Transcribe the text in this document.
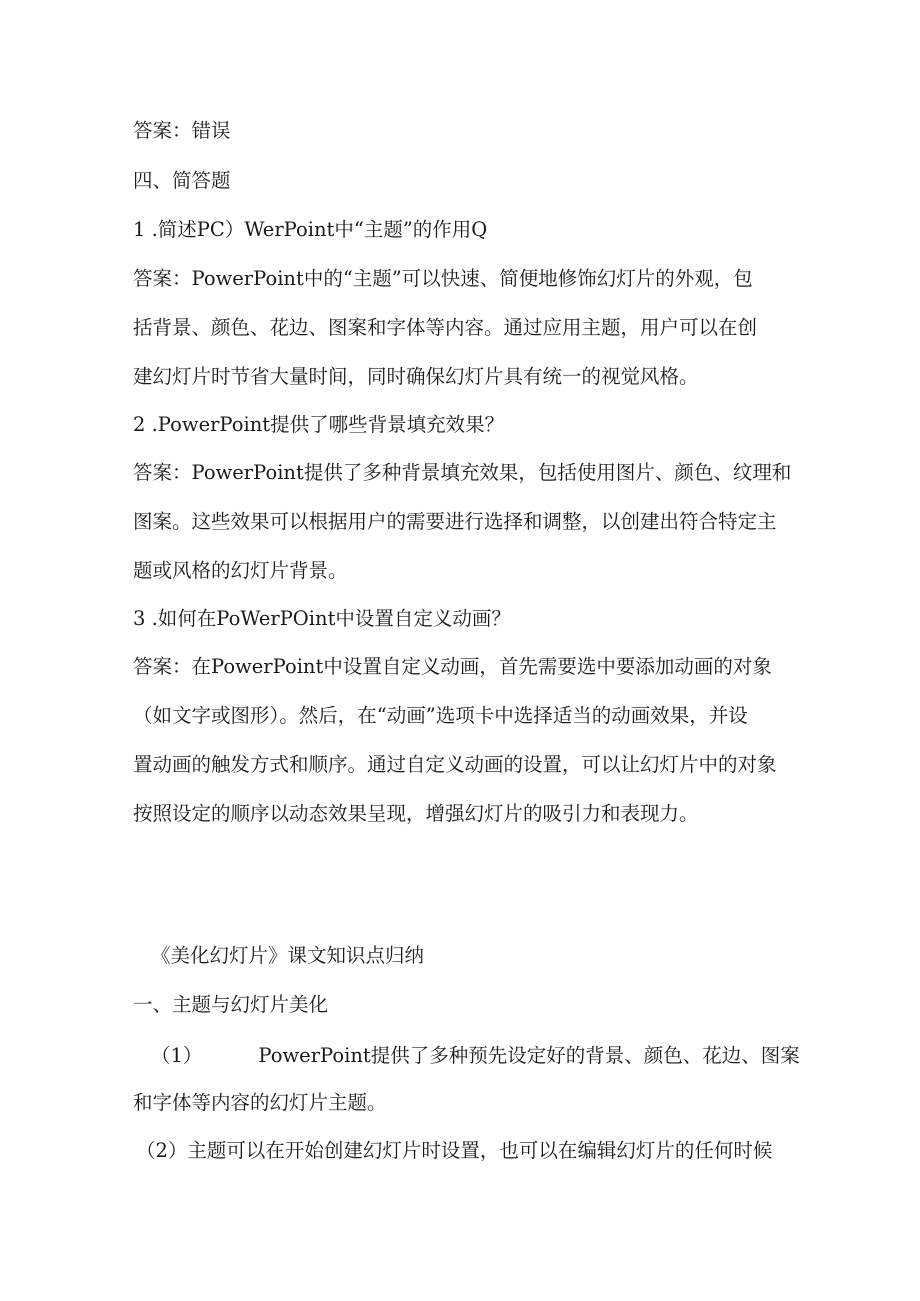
答案：错误

四、简答题

1 .简述PC）WerPoint中“主题”的作用Q

答案：PowerPoint中的“主题”可以快速、简便地修饰幻灯片的外观，包

括背景、颜色、花边、图案和字体等内容。通过应用主题，用户可以在创

建幻灯片时节省大量时间，同时确保幻灯片具有统一的视觉风格。

2 .PowerPoint提供了哪些背景填充效果？

答案：PowerPoint提供了多种背景填充效果，包括使用图片、颜色、纹理和

图案。这些效果可以根据用户的需要进行选择和调整，以创建出符合特定主

题或风格的幻灯片背景。

3 .如何在PoWerPOint中设置自定义动画？

答案：在PowerPoint中设置自定义动画，首先需要选中要添加动画的对象

（如文字或图形）。然后，在“动画”选项卡中选择适当的动画效果，并设

置动画的触发方式和顺序。通过自定义动画的设置，可以让幻灯片中的对象

按照设定的顺序以动态效果呈现，增强幻灯片的吸引力和表现力。

《美化幻灯片》课文知识点归纳

一、主题与幻灯片美化

（1）	PowerPoint提供了多种预先设定好的背景、颜色、花边、图案

和字体等内容的幻灯片主题。

（2）主题可以在开始创建幻灯片时设置，也可以在编辑幻灯片的任何时候
